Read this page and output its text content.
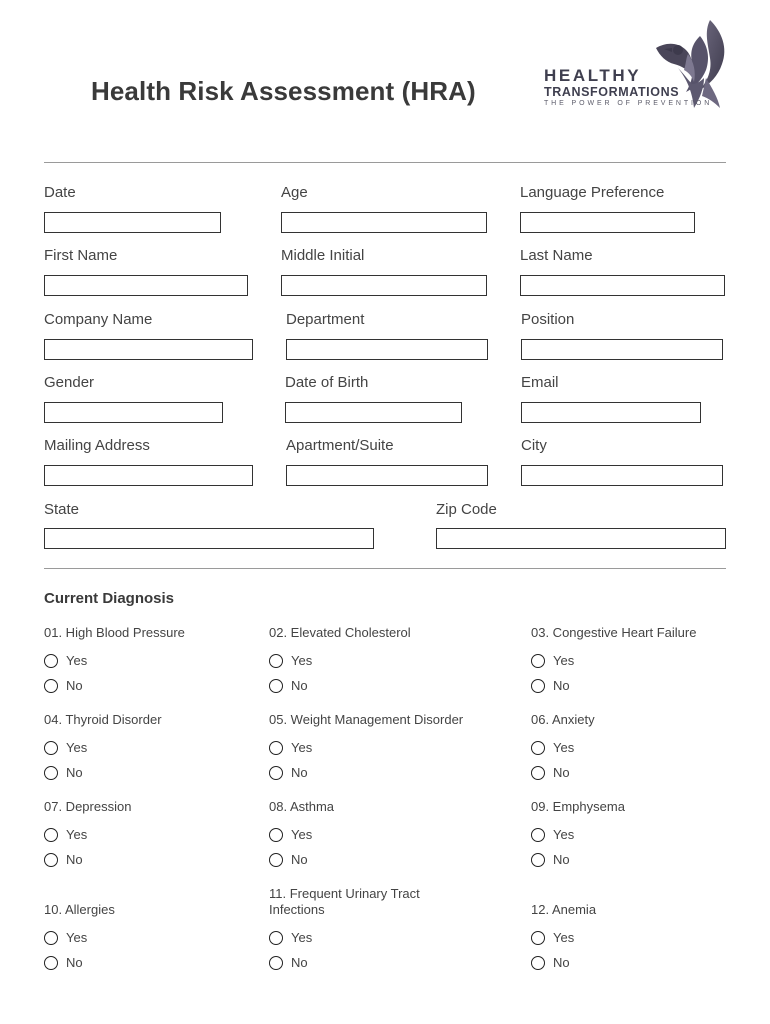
Health Risk Assessment (HRA)
HEALTHY
TRANSFORMATIONS
THE POWER OF PREVENTION
Date	Age	Language Preference
First Name	Middle Initial	Last Name
Company Name	Department	Position
Gender	Date of Birth	Email
Mailing Address	Apartment/Suite	City
State	Zip Code
Current Diagnosis
01. High Blood Pressure
Yes
No
02. Elevated Cholesterol
Yes
No
03. Congestive Heart Failure
Yes
No
04. Thyroid Disorder
Yes
No
05. Weight Management Disorder
Yes
No
06. Anxiety
Yes
No
07. Depression
Yes
No
08. Asthma
Yes
No
09. Emphysema
Yes
No
10. Allergies
Yes
No
11. Frequent Urinary Tract Infections
Yes
No
12. Anemia
Yes
No
